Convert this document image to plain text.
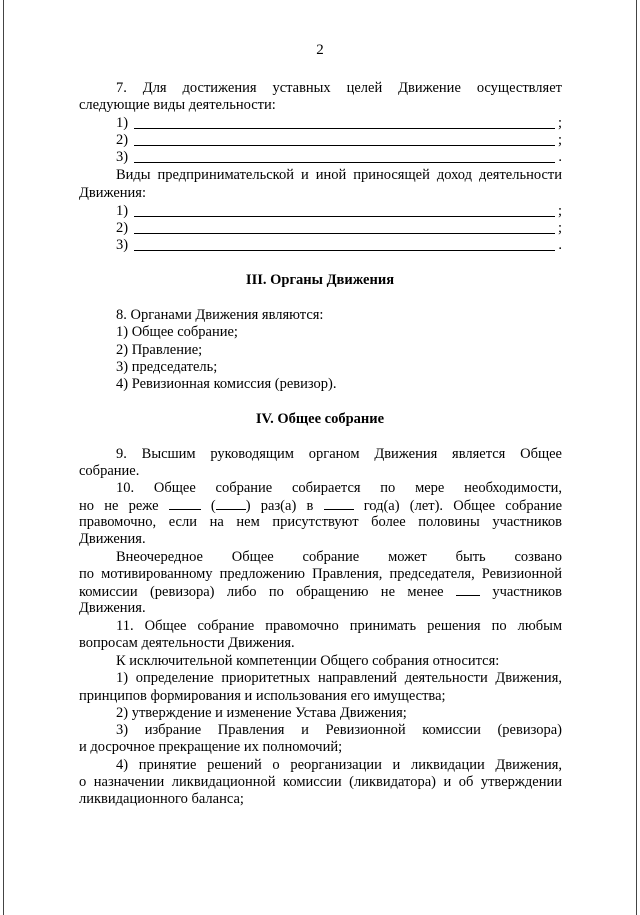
2
7. Для достижения уставных целей Движение осуществляет
следующие виды деятельности:
1)	;
2)	;
3)	.
Виды предпринимательской и иной приносящей доход деятельности
Движения:
1)	;
2)	;
3)	.
III. Органы Движения
8. Органами Движения являются:
1) Общее собрание;
2) Правление;
3) председатель;
4) Ревизионная комиссия (ревизор).
IV. Общее собрание
9. Высшим руководящим органом Движения является Общее
собрание.
10. Общее собрание собирается по мере необходимости,
но не реже	( ) раз(а) в	год(а) (лет). Общее собрание
правомочно, если на нем присутствуют более половины участников
Движения.
Внеочередное Общее собрание может быть созвано
по мотивированному предложению Правления, председателя, Ревизионной
комиссии (ревизора) либо по обращению не менее	участников
Движения.
11. Общее собрание правомочно принимать решения по любым
вопросам деятельности Движения.
К исключительной компетенции Общего собрания относится:
1) определение приоритетных направлений деятельности Движения,
принципов формирования и использования его имущества;
2) утверждение и изменение Устава Движения;
3) избрание Правления и Ревизионной комиссии (ревизора)
и досрочное прекращение их полномочий;
4) принятие решений о реорганизации и ликвидации Движения,
о назначении ликвидационной комиссии (ликвидатора) и об утверждении
ликвидационного баланса;
